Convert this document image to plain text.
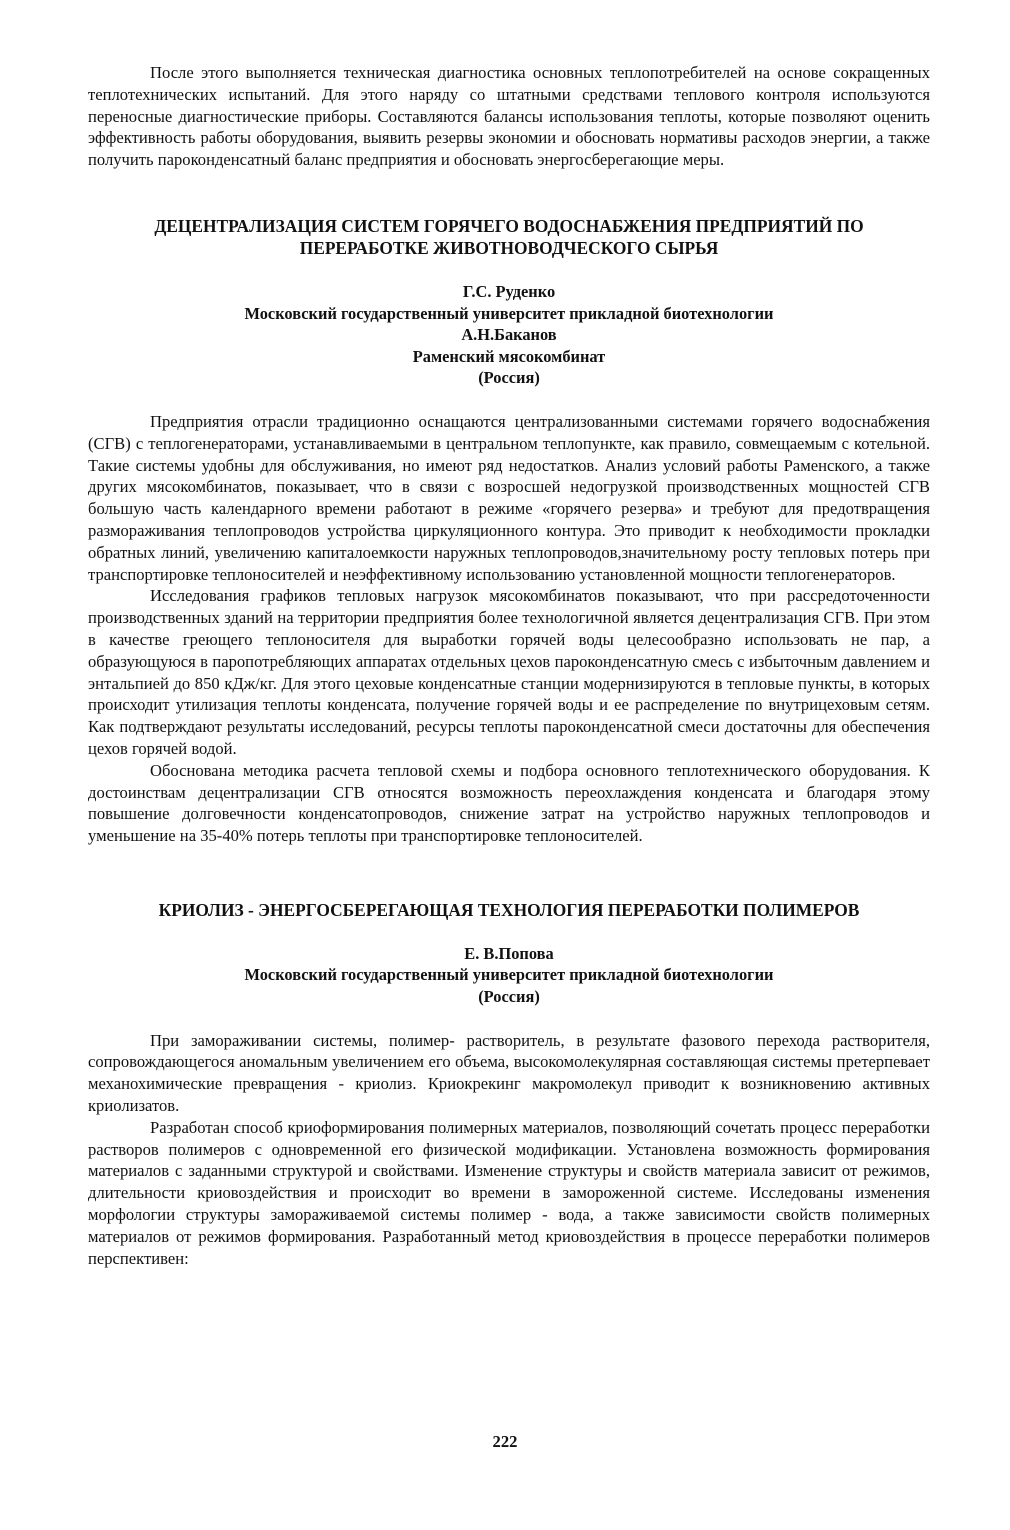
После этого выполняется техническая диагностика основных теплопотребителей на основе сокращенных теплотехнических испытаний. Для этого наряду со штатными средствами теплового контроля используются переносные диагностические приборы. Составляются балансы использования теплоты, которые позволяют оценить эффективность работы оборудования, выявить резервы экономии и обосновать нормативы расходов энергии, а также получить пароконденсатный баланс предприятия и обосновать энергосберегающие меры.

ДЕЦЕНТРАЛИЗАЦИЯ СИСТЕМ ГОРЯЧЕГО ВОДОСНАБЖЕНИЯ ПРЕДПРИЯТИЙ ПО
ПЕРЕРАБОТКЕ ЖИВОТНОВОДЧЕСКОГО СЫРЬЯ
Г.С. Руденко
Московский государственный университет прикладной биотехнологии
А.Н.Баканов
Раменский мясокомбинат
(Россия)

Предприятия отрасли традиционно оснащаются централизованными системами горячего водоснабжения (СГВ) с теплогенераторами, устанавливаемыми в центральном теплопункте, как правило, совмещаемым с котельной. Такие системы удобны для обслуживания, но имеют ряд недостатков. Анализ условий работы Раменского, а также других мясокомбинатов, показывает, что в связи с возросшей недогрузкой производственных мощностей СГВ большую часть календарного времени работают в режиме «горячего резерва» и требуют для предотвращения размораживания теплопроводов устройства циркуляционного контура. Это приводит к необходимости прокладки обратных линий, увеличению капиталоемкости наружных теплопроводов,значительному росту тепловых потерь при транспортировке теплоносителей и неэффективному использованию установленной мощности теплогенераторов.

Исследования графиков тепловых нагрузок мясокомбинатов показывают, что при рассредоточенности производственных зданий на территории предприятия более технологичной является децентрализация СГВ. При этом в качестве греющего теплоносителя для выработки горячей воды целесообразно использовать не пар, а образующуюся в паропотребляющих аппаратах отдельных цехов пароконденсатную смесь с избыточным давлением и энтальпией до 850 кДж/кг. Для этого цеховые конденсатные станции модернизируются в тепловые пункты, в которых происходит утилизация теплоты конденсата, получение горячей воды и ее распределение по внутрицеховым сетям. Как подтверждают результаты исследований, ресурсы теплоты пароконденсатной смеси достаточны для обеспечения цехов горячей водой.

Обоснована методика расчета тепловой схемы и подбора основного теплотехнического оборудования. К достоинствам децентрализации СГВ относятся возможность переохлаждения конденсата и благодаря этому повышение долговечности конденсатопроводов, снижение затрат на устройство наружных теплопроводов и уменьшение на 35-40% потерь теплоты при транспортировке теплоносителей.

КРИОЛИЗ - ЭНЕРГОСБЕРЕГАЮЩАЯ ТЕХНОЛОГИЯ ПЕРЕРАБОТКИ ПОЛИМЕРОВ
Е. В.Попова
Московский государственный университет прикладной биотехнологии
(Россия)

При замораживании системы, полимер- растворитель, в результате фазового перехода растворителя, сопровождающегося аномальным увеличением его объема, высокомолекулярная составляющая системы претерпевает механохимические превращения - криолиз. Криокрекинг макромолекул приводит к возникновению активных криолизатов.

Разработан способ криоформирования полимерных материалов, позволяющий сочетать процесс переработки растворов полимеров с одновременной его физической модификации. Установлена возможность формирования материалов с заданными структурой и свойствами. Изменение структуры и свойств материала зависит от режимов, длительности криовоздействия и происходит во времени в замороженной системе. Исследованы изменения морфологии структуры замораживаемой системы полимер - вода, а также зависимости свойств полимерных материалов от режимов формирования. Разработанный метод криовоздействия в процессе переработки полимеров перспективен:

222
